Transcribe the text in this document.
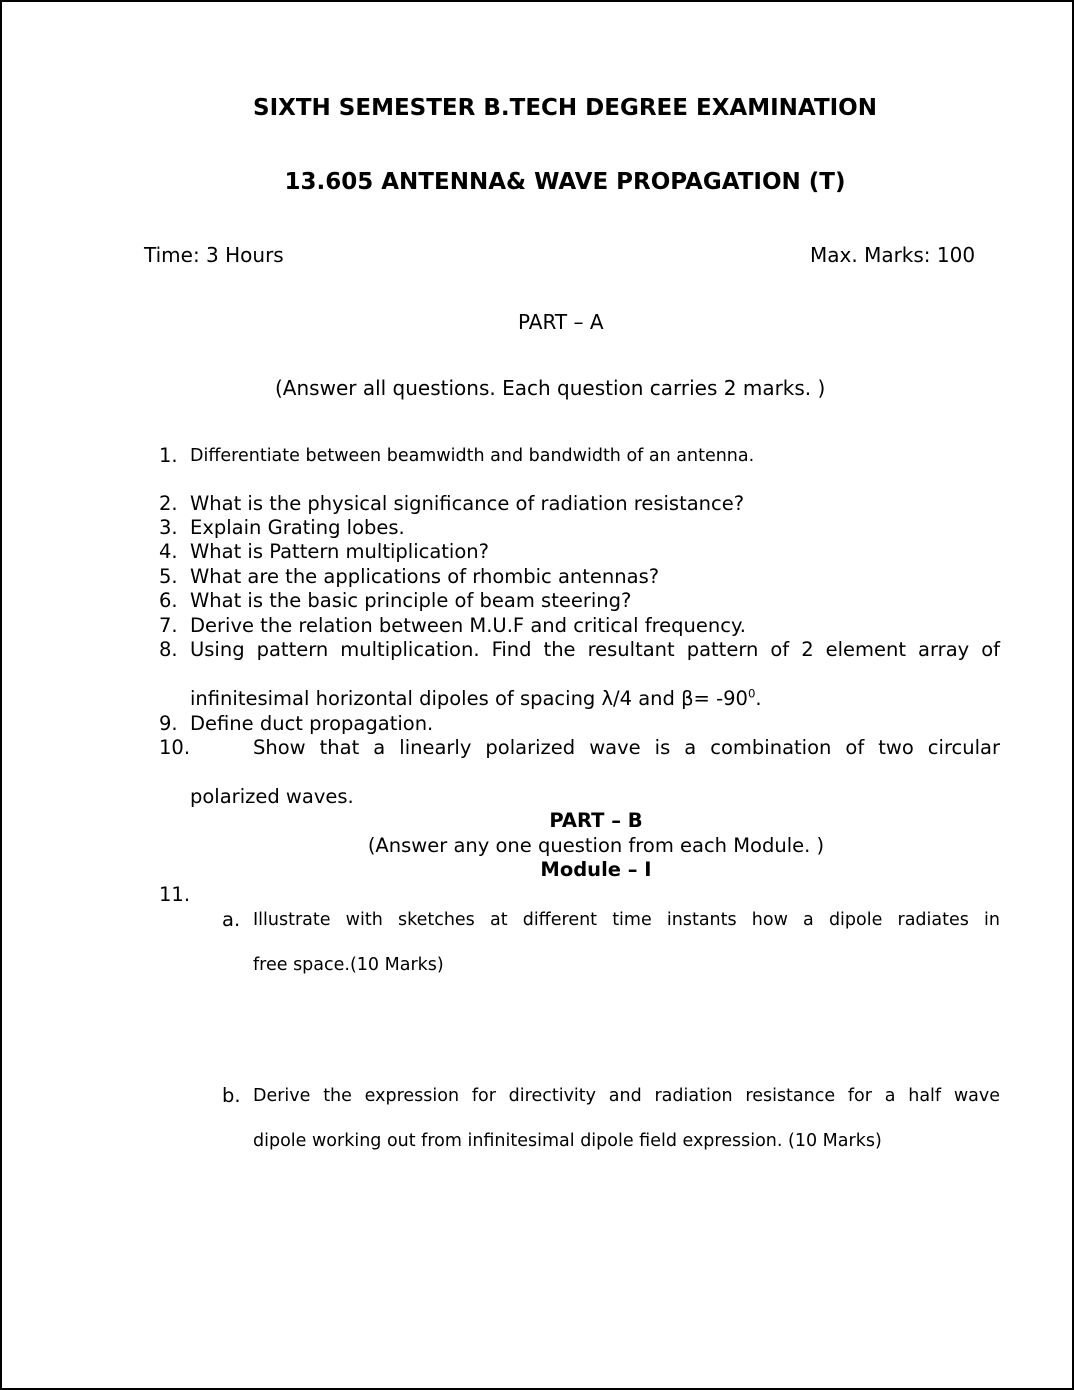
SIXTH SEMESTER B.TECH DEGREE EXAMINATION
13.605 ANTENNA& WAVE PROPAGATION (T)
Time: 3 Hours	Max. Marks: 100
PART – A
(Answer all questions. Each question carries 2 marks. )
1. Differentiate between beamwidth and bandwidth of an antenna.
2. What is the physical significance of radiation resistance?
3. Explain Grating lobes.
4. What is Pattern multiplication?
5. What are the applications of rhombic antennas?
6. What is the basic principle of beam steering?
7. Derive the relation between M.U.F and critical frequency.
8. Using pattern multiplication. Find the resultant pattern of 2 element array of
infinitesimal horizontal dipoles of spacing λ/4 and $\beta= -90^0$.
9. Define duct propagation.
10.	Show that a linearly polarized wave is a combination of two circular
polarized waves.
PART – B
(Answer any one question from each Module. )
Module – I
11.
a. Illustrate with sketches at different time instants how a dipole radiates in
free space.(10 Marks)
b. Derive the expression for directivity and radiation resistance for a half wave
dipole working out from infinitesimal dipole field expression. (10 Marks)
